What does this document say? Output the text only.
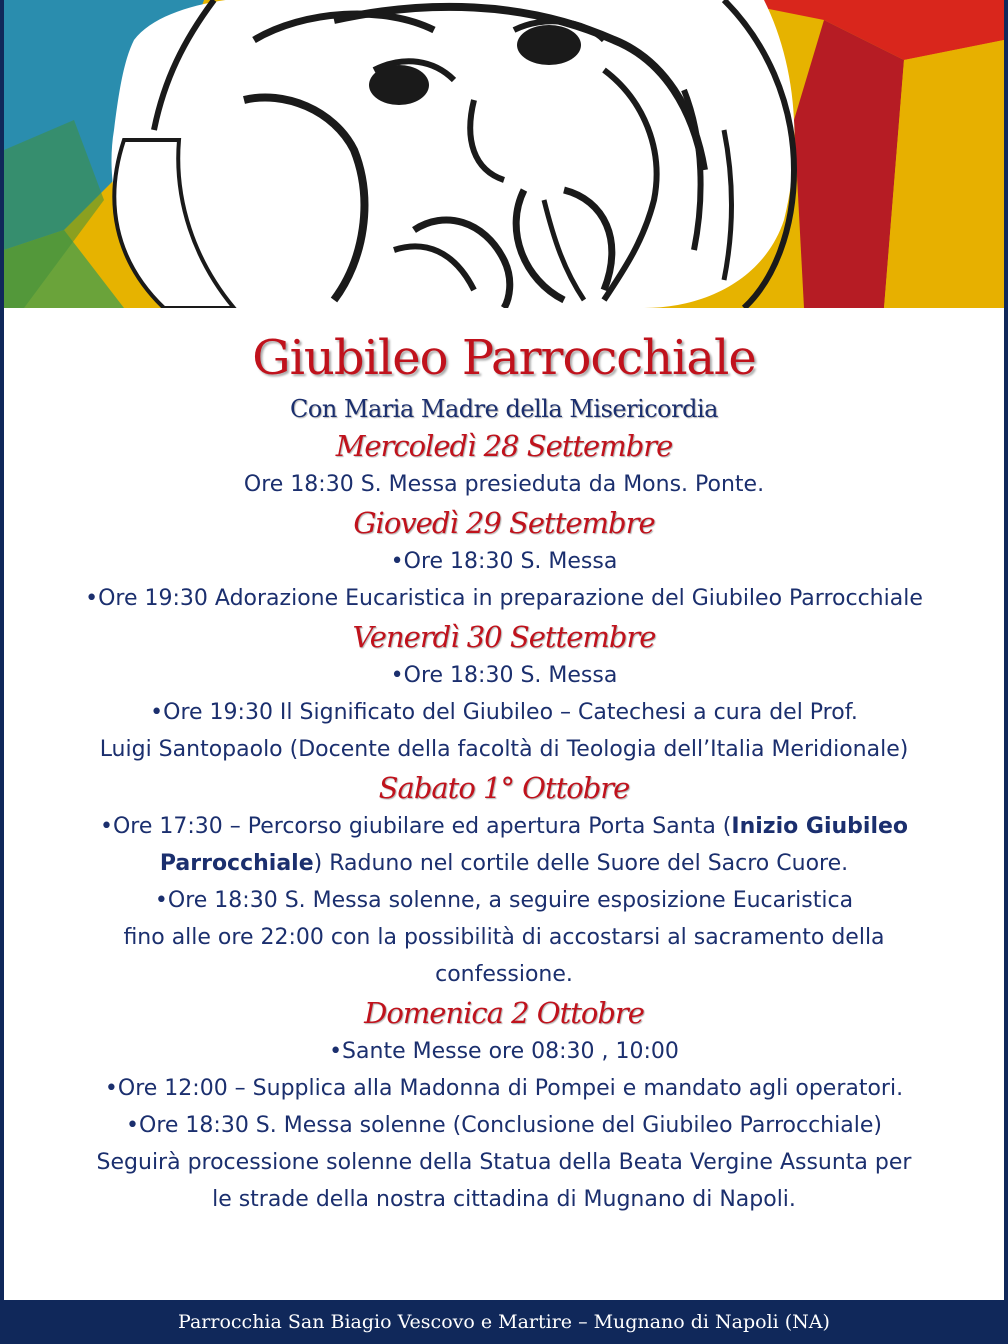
Giubileo Parrocchiale
Con Maria Madre della Misericordia
Mercoledì 28 Settembre
Ore 18:30 S. Messa presieduta da Mons. Ponte.
Giovedì 29 Settembre
•Ore 18:30 S. Messa
•Ore 19:30 Adorazione Eucaristica in preparazione del Giubileo Parrocchiale
Venerdì 30 Settembre
•Ore 18:30 S. Messa
•Ore 19:30 Il Significato del Giubileo – Catechesi a cura del Prof.
Luigi Santopaolo (Docente della facoltà di Teologia dell’Italia Meridionale)
Sabato 1° Ottobre
•Ore 17:30 – Percorso giubilare ed apertura Porta Santa (Inizio Giubileo
Parrocchiale) Raduno nel cortile delle Suore del Sacro Cuore.
•Ore 18:30 S. Messa solenne, a seguire esposizione Eucaristica
fino alle ore 22:00 con la possibilità di accostarsi al sacramento della
confessione.
Domenica 2 Ottobre
•Sante Messe ore 08:30 , 10:00
•Ore 12:00 – Supplica alla Madonna di Pompei e mandato agli operatori.
•Ore 18:30 S. Messa solenne (Conclusione del Giubileo Parrocchiale)
Seguirà processione solenne della Statua della Beata Vergine Assunta per
le strade della nostra cittadina di Mugnano di Napoli.
Parrocchia San Biagio Vescovo e Martire – Mugnano di Napoli (NA)
